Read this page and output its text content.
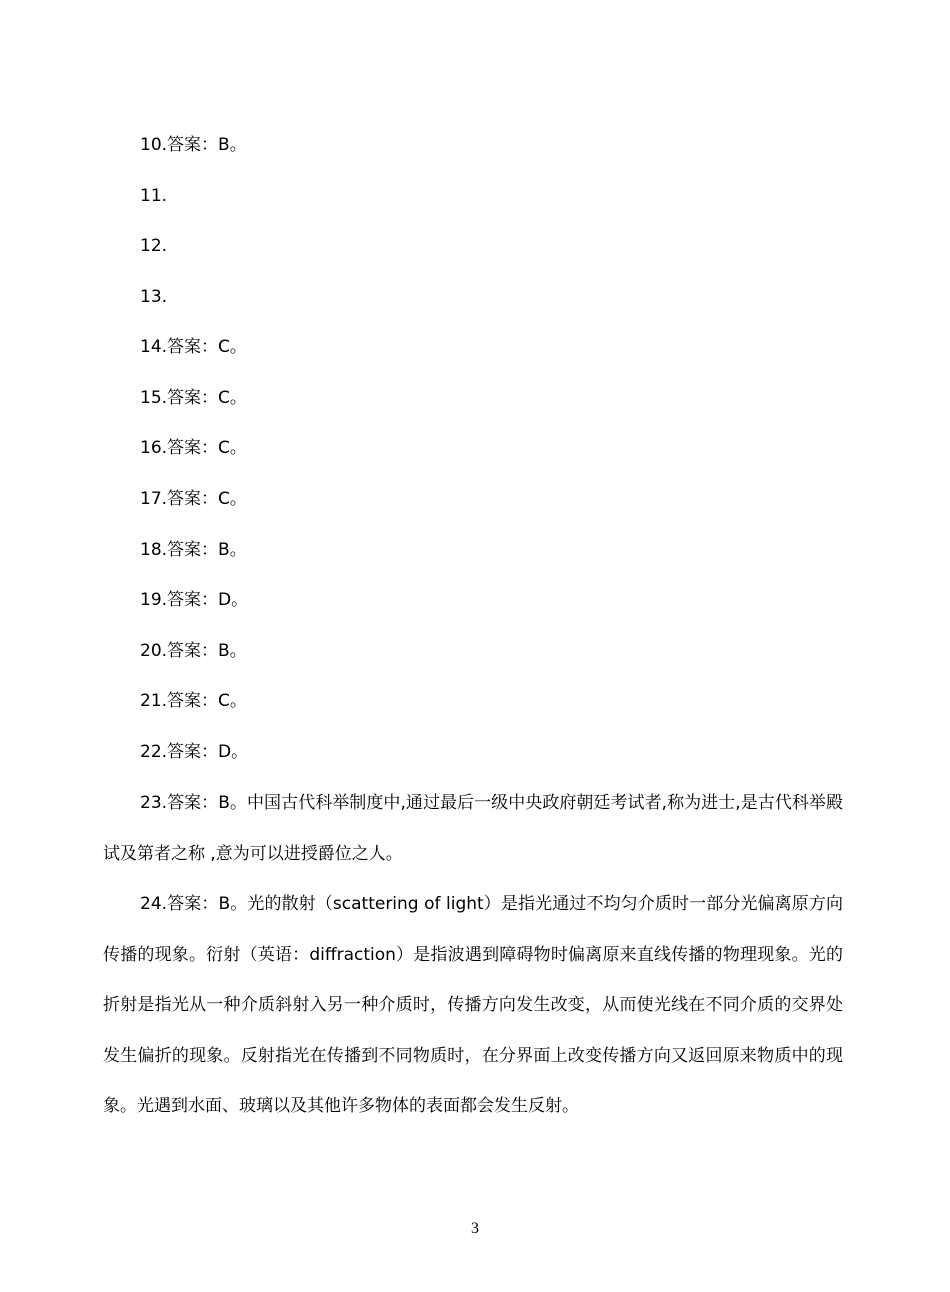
10.答案：B。
11.
12.
13.
14.答案：C。
15.答案：C。
16.答案：C。
17.答案：C。
18.答案：B。
19.答案：D。
20.答案：B。
21.答案：C。
22.答案：D。

23.答案：B。中国古代科举制度中,通过最后一级中央政府朝廷考试者,称为进士,是古代科举殿试及第者之称 ,意为可以进授爵位之人。

24.答案：B。光的散射（scattering of light）是指光通过不均匀介质时一部分光偏离原方向传播的现象。衍射（英语：diffraction）是指波遇到障碍物时偏离原来直线传播的物理现象。光的折射是指光从一种介质斜射入另一种介质时，传播方向发生改变，从而使光线在不同介质的交界处发生偏折的现象。反射指光在传播到不同物质时，在分界面上改变传播方向又返回原来物质中的现象。光遇到水面、玻璃以及其他许多物体的表面都会发生反射。

3
